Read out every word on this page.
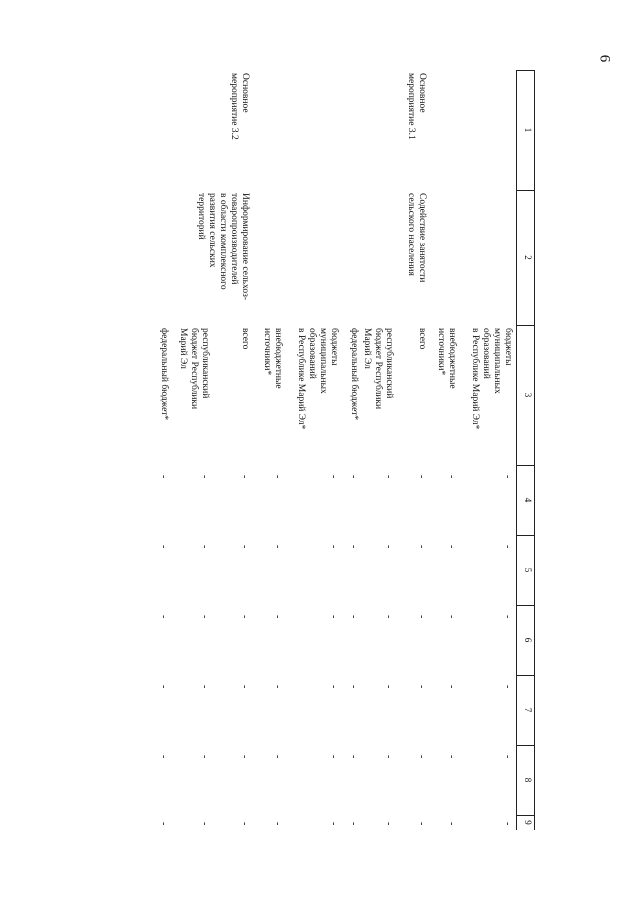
6
1
2
3
4
5
6
7
8
9
бюджеты
муниципальных
образований
в Республике Марий Эл*
-
-
-
-
-
-
внебюджетные
источники*
-
-
-
-
-
-
Основное
мероприятие 3.1
Содействие занятости
сельского населения
всего
-
-
-
-
-
-
республиканский
бюджет Республики
Марий Эл
-
-
-
-
-
-
федеральный бюджет*
-
-
-
-
-
-
бюджеты
муниципальных
образований
в Республике Марий Эл*
-
-
-
-
-
-
внебюджетные
источники*
-
-
-
-
-
-
Основное
мероприятие 3.2
Информирование сельхоз-
товаропроизводителей
в области комплексного
развития сельских
территорий
всего
-
-
-
-
-
-
республиканский
бюджет Республики
Марий Эл
-
-
-
-
-
-
федеральный бюджет*
-
-
-
-
-
-
